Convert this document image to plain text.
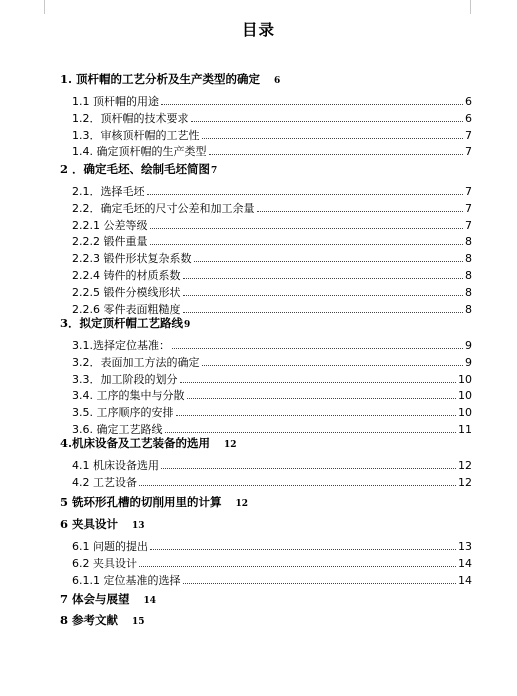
目录
1. 顶杆帽的工艺分析及生产类型的确定 6
1.1 顶杆帽的用途	6
1.2．顶杆帽的技术要求	6
1.3．审核顶杆帽的工艺性	7
1.4. 确定顶杆帽的生产类型	7
2 ．确定毛坯、绘制毛坯简图7
2.1．选择毛坯	7
2.2．确定毛坯的尺寸公差和加工余量	7
2.2.1 公差等级	7
2.2.2 锻件重量	8
2.2.3 锻件形状复杂系数	8
2.2.4 铸件的材质系数	8
2.2.5 锻件分模线形状	8
2.2.6 零件表面粗糙度	8
3．拟定顶杆帽工艺路线9
3.1.选择定位基准：	9
3.2．表面加工方法的确定	9
3.3．加工阶段的划分	10
3.4. 工序的集中与分散	10
3.5. 工序顺序的安排	10
3.6. 确定工艺路线	11
4.机床设备及工艺装备的选用 12
4.1 机床设备选用	12
4.2 工艺设备	12
5 铣环形孔槽的切削用里的计算 12
6 夹具设计 13
6.1 问题的提出	13
6.2 夹具设计	14
6.1.1 定位基准的选择	14
7 体会与展望 14
8 参考文献 15
